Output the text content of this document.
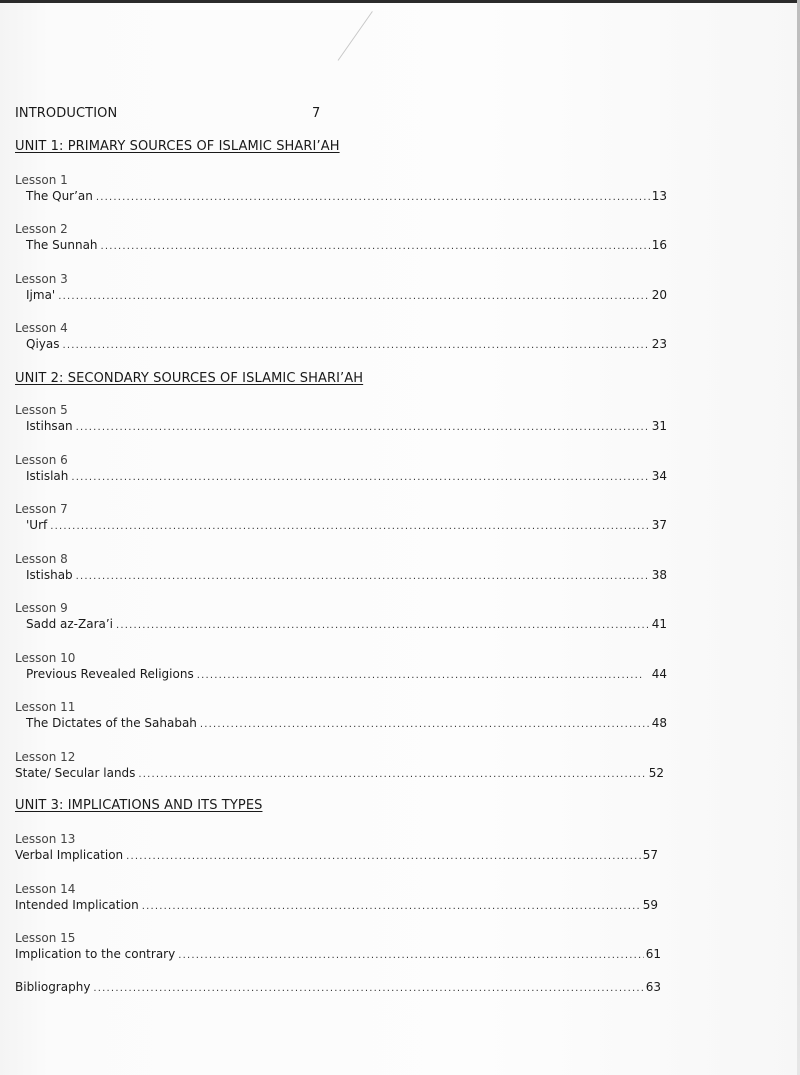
INTRODUCTION	7
UNIT 1: PRIMARY SOURCES OF ISLAMIC SHARI’AH
Lesson 1
The Qur’an .....	13
Lesson 2
The Sunnah .....	16
Lesson 3
Ijma' .....	20
Lesson 4
Qiyas .....	23
UNIT 2: SECONDARY SOURCES OF ISLAMIC SHARI’AH
Lesson 5
Istihsan .....	31
Lesson 6
Istislah .....	34
Lesson 7
'Urf .....	37
Lesson 8
Istishab .....	38
Lesson 9
Sadd az-Zara’i .....	41
Lesson 10
Previous Revealed Religions .....	44
Lesson 11
The Dictates of the Sahabah .....	48
Lesson 12
State/ Secular lands .....	52
UNIT 3: IMPLICATIONS AND ITS TYPES
Lesson 13
Verbal Implication .....	57
Lesson 14
Intended Implication .....	59
Lesson 15
Implication to the contrary .....	61
Bibliography .....	63
